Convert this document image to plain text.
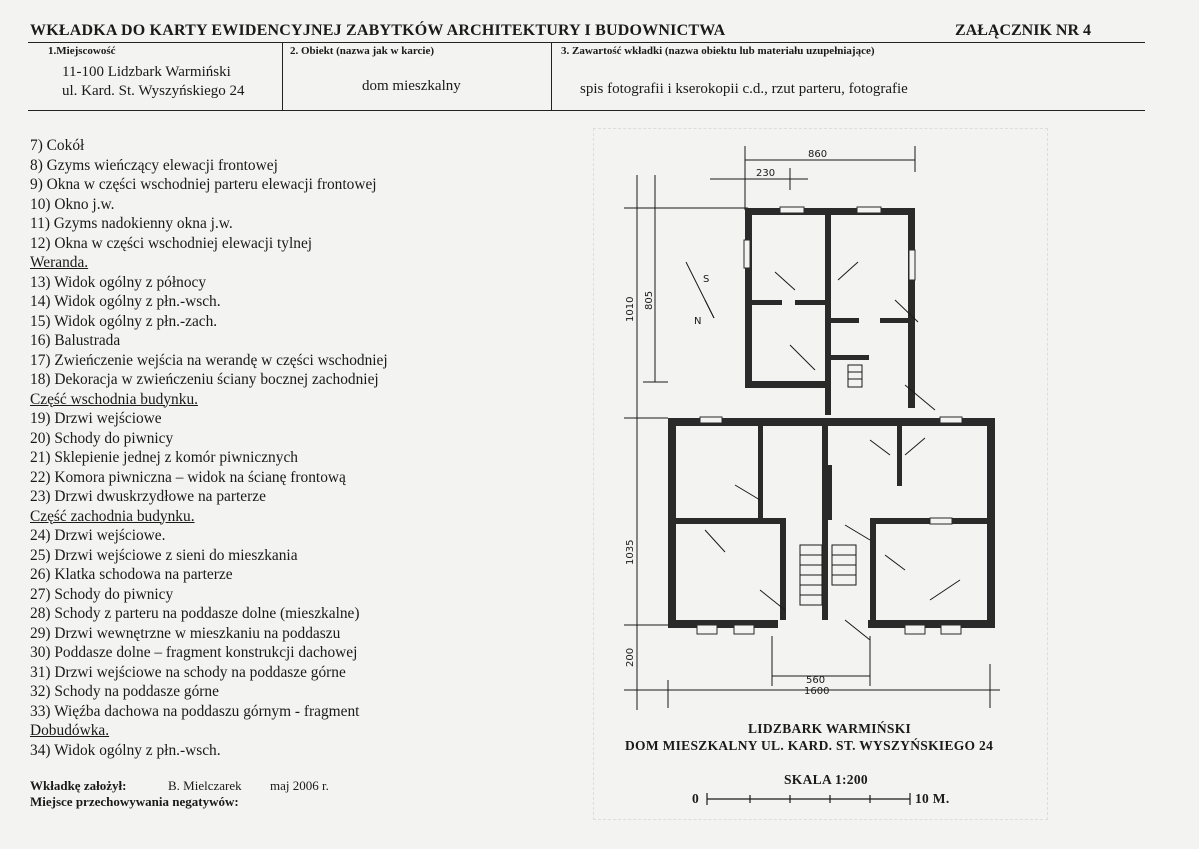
WKŁADKA DO KARTY EWIDENCYJNEJ ZABYTKÓW ARCHITEKTURY I BUDOWNICTWA	ZAŁĄCZNIK NR 4
1.Miejscowość
11-100 Lidzbark Warmiński
ul. Kard. St. Wyszyńskiego 24
2. Obiekt (nazwa jak w karcie)
dom mieszkalny
3. Zawartość wkładki (nazwa obiektu lub materiału uzupełniające)
spis fotografii i kserokopii c.d., rzut parteru, fotografie
7) Cokół
8) Gzyms wieńczący elewacji frontowej
9) Okna w części wschodniej parteru elewacji frontowej
10) Okno j.w.
11) Gzyms nadokienny okna j.w.
12) Okna w części wschodniej elewacji tylnej
Weranda.
13) Widok ogólny z północy
14) Widok ogólny z płn.-wsch.
15) Widok ogólny z płn.-zach.
16) Balustrada
17) Zwieńczenie wejścia na werandę w części wschodniej
18) Dekoracja w zwieńczeniu ściany bocznej zachodniej
Część wschodnia budynku.
19) Drzwi wejściowe
20) Schody do piwnicy
21) Sklepienie jednej z komór piwnicznych
22) Komora piwniczna – widok na ścianę frontową
23) Drzwi dwuskrzydłowe na parterze
Część zachodnia budynku.
24) Drzwi wejściowe.
25) Drzwi wejściowe z sieni do mieszkania
26) Klatka schodowa na parterze
27) Schody do piwnicy
28) Schody z parteru na poddasze dolne (mieszkalne)
29) Drzwi wewnętrzne w mieszkaniu na poddaszu
30) Poddasze dolne – fragment konstrukcji dachowej
31) Drzwi wejściowe na schody na poddasze górne
32) Schody na poddasze górne
33) Więźba dachowa na poddaszu górnym - fragment
Dobudówka.
34) Widok ogólny z płn.-wsch.
Wkładkę założył:	B. Mielczarek maj 2006 r.
Miejsce przechowywania negatywów:
860
230
1010 805
1035
200
560
1600
S
N
LIDZBARK WARMIŃSKI
DOM MIESZKALNY UL. KARD. ST. WYSZYŃSKIEGO 24
SKALA 1:200
0	10 M.
